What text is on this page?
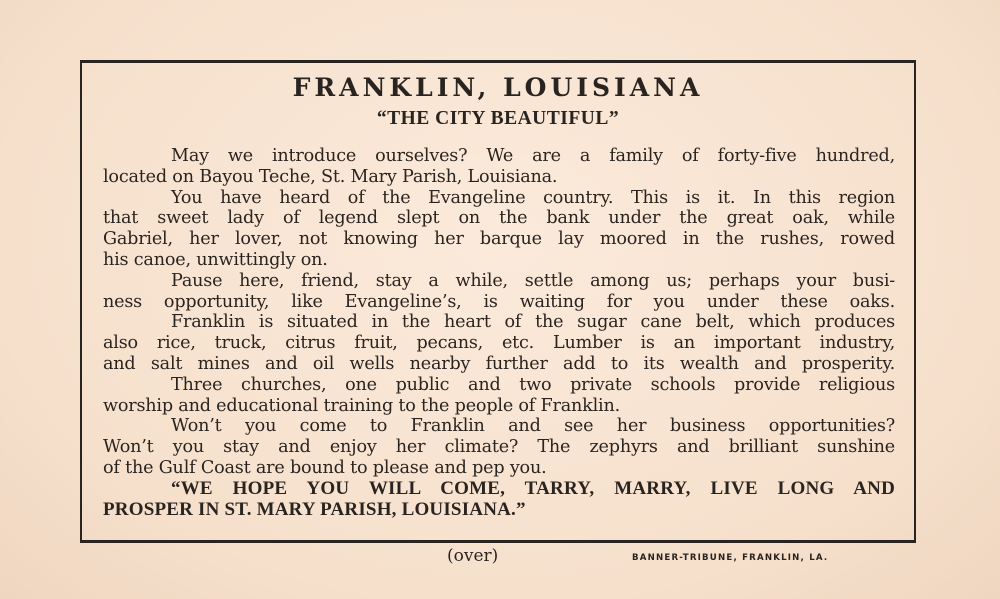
FRANKLIN, LOUISIANA
“THE CITY BEAUTIFUL”
May we introduce ourselves? We are a family of forty-five hundred,
located on Bayou Teche, St. Mary Parish, Louisiana.
You have heard of the Evangeline country. This is it. In this region
that sweet lady of legend slept on the bank under the great oak, while
Gabriel, her lover, not knowing her barque lay moored in the rushes, rowed
his canoe, unwittingly on.
Pause here, friend, stay a while, settle among us; perhaps your busi-
ness opportunity, like Evangeline’s, is waiting for you under these oaks.
Franklin is situated in the heart of the sugar cane belt, which produces
also rice, truck, citrus fruit, pecans, etc. Lumber is an important industry,
and salt mines and oil wells nearby further add to its wealth and prosperity.
Three churches, one public and two private schools provide religious
worship and educational training to the people of Franklin.
Won’t you come to Franklin and see her business opportunities?
Won’t you stay and enjoy her climate? The zephyrs and brilliant sunshine
of the Gulf Coast are bound to please and pep you.
“WE HOPE YOU WILL COME, TARRY, MARRY, LIVE LONG AND
PROSPER IN ST. MARY PARISH, LOUISIANA.”
(over)	BANNER-TRIBUNE, FRANKLIN, LA.
